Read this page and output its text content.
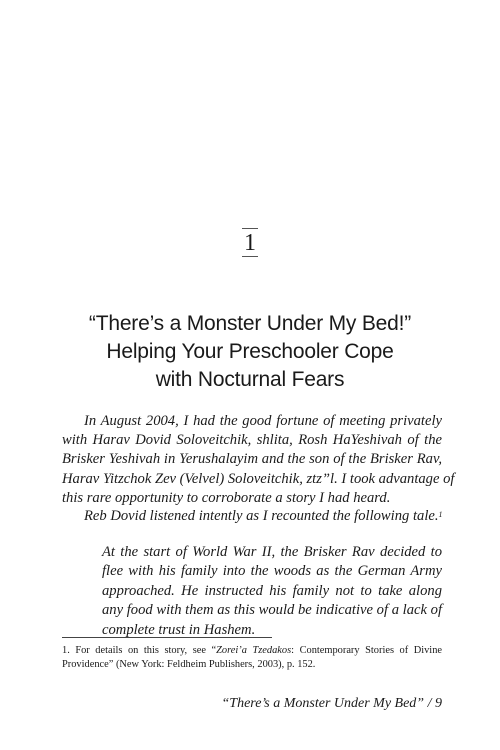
1
“There’s a Monster Under My Bed!”
Helping Your Preschooler Cope
with Nocturnal Fears
In August 2004, I had the good fortune of meeting privately
with Harav Dovid Soloveitchik, shlita, Rosh HaYeshivah of the
Brisker Yeshivah in Yerushalayim and the son of the Brisker Rav,
Harav Yitzchok Zev (Velvel) Soloveitchik, ztz”l. I took advantage of
this rare opportunity to corroborate a story I had heard.
Reb Dovid listened intently as I recounted the following tale.$^1$
At the start of World War II, the Brisker Rav decided to
flee with his family into the woods as the German Army
approached. He instructed his family not to take along
any food with them as this would be indicative of a lack of
complete trust in Hashem.
1. For details on this story, see “Zorei’a Tzedakos: Contemporary Stories of Divine
Providence” (New York: Feldheim Publishers, 2003), p. 152.
“There’s a Monster Under My Bed” / 9
